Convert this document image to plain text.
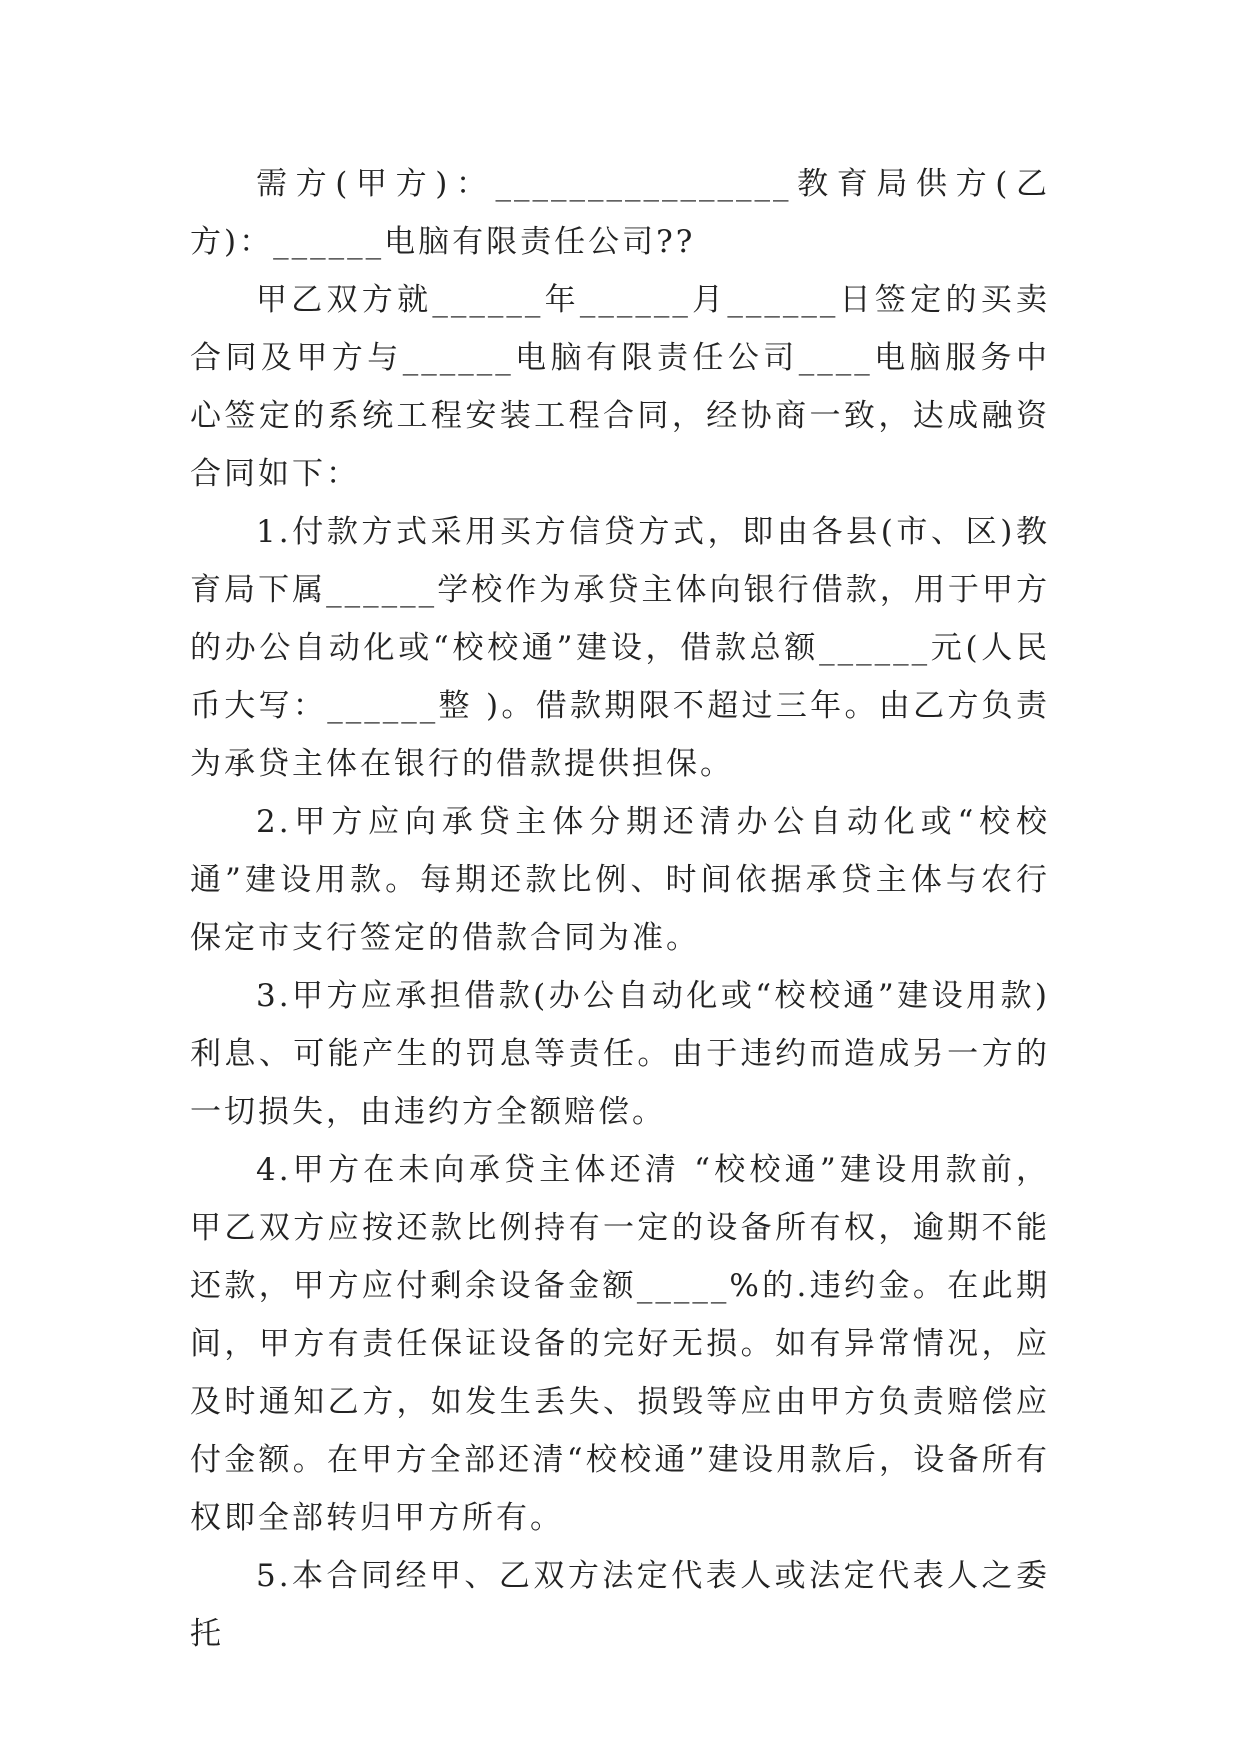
需方(甲方)：________________教育局供方(乙方)：______电脑有限责任公司??

甲乙双方就______年______月______日签定的买卖合同及甲方与______电脑有限责任公司____电脑服务中心签定的系统工程安装工程合同，经协商一致，达成融资合同如下：

1.付款方式采用买方信贷方式，即由各县(市、区)教育局下属______学校作为承贷主体向银行借款，用于甲方的办公自动化或“校校通”建设，借款总额______元(人民币大写：______整 )。借款期限不超过三年。由乙方负责为承贷主体在银行的借款提供担保。

2.甲方应向承贷主体分期还清办公自动化或“校校通”建设用款。每期还款比例、时间依据承贷主体与农行保定市支行签定的借款合同为准。

3.甲方应承担借款(办公自动化或“校校通”建设用款)利息、可能产生的罚息等责任。由于违约而造成另一方的一切损失，由违约方全额赔偿。

4.甲方在未向承贷主体还清 “校校通”建设用款前，甲乙双方应按还款比例持有一定的设备所有权，逾期不能还款，甲方应付剩余设备金额_____%的.违约金。在此期间，甲方有责任保证设备的完好无损。如有异常情况，应及时通知乙方，如发生丢失、损毁等应由甲方负责赔偿应付金额。在甲方全部还清“校校通”建设用款后，设备所有权即全部转归甲方所有。

5.本合同经甲、乙双方法定代表人或法定代表人之委托
